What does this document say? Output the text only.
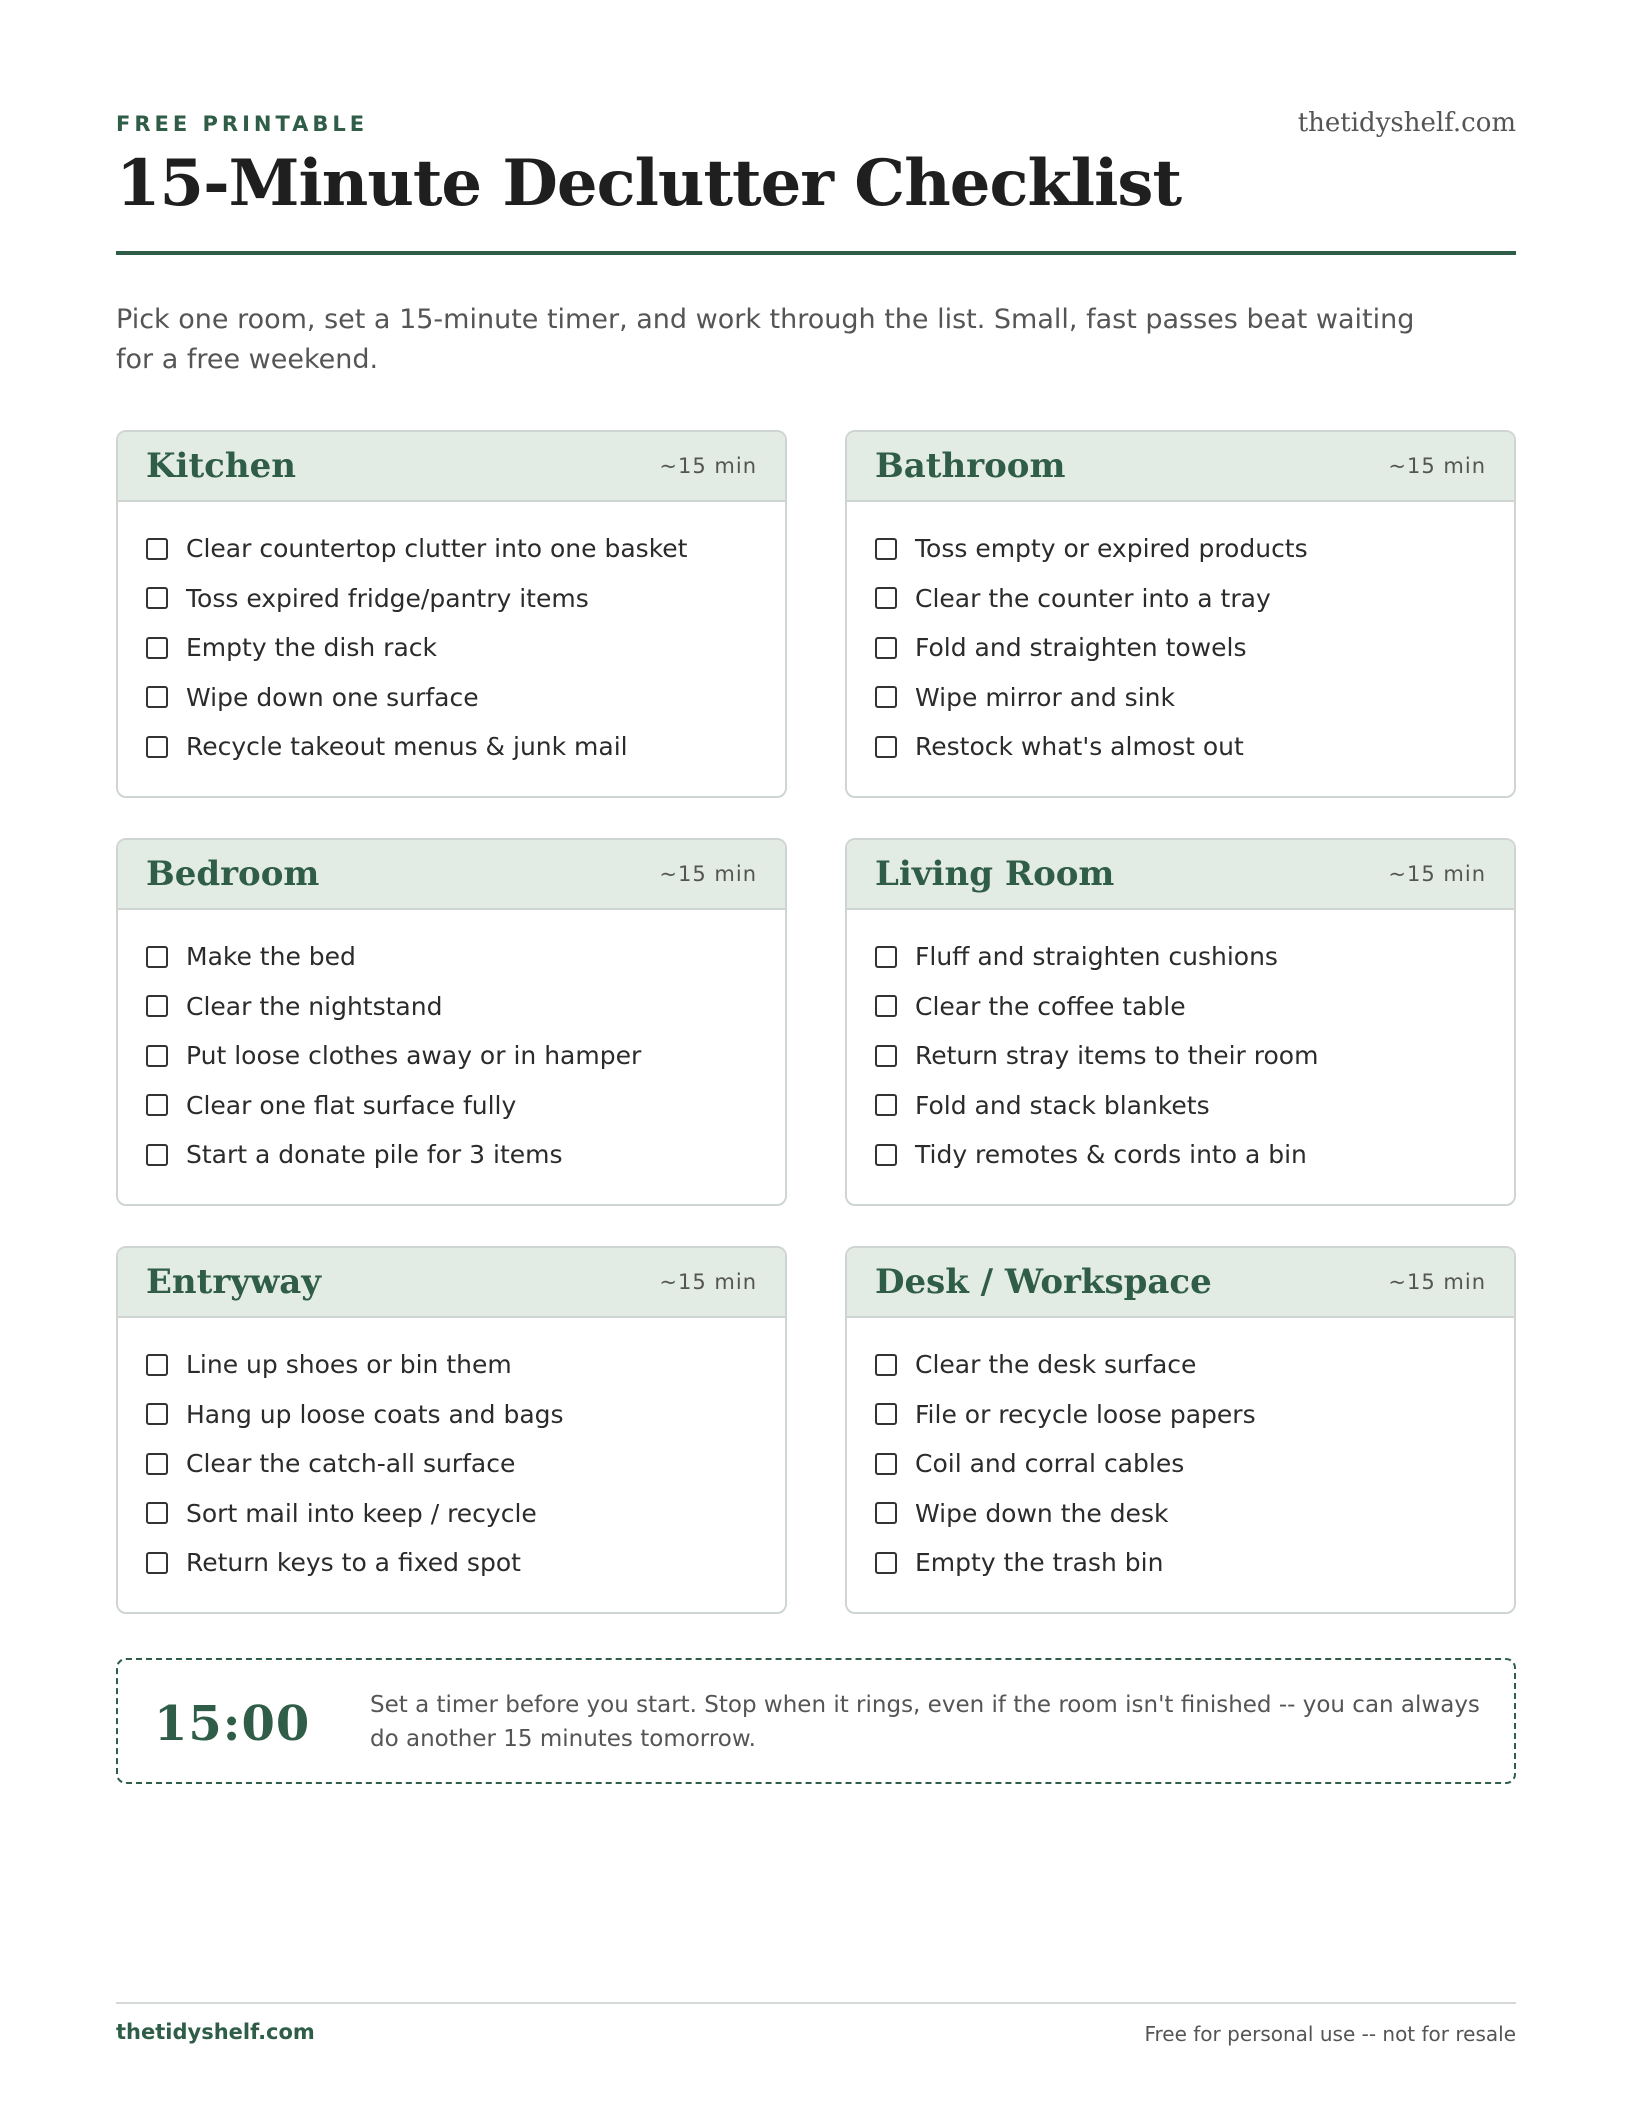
FREE PRINTABLE	thetidyshelf.com
15-Minute Declutter Checklist

Pick one room, set a 15-minute timer, and work through the list. Small, fast passes beat waiting for a free weekend.

Kitchen	~15 min
Clear countertop clutter into one basket
Toss expired fridge/pantry items
Empty the dish rack
Wipe down one surface
Recycle takeout menus & junk mail
Bathroom	~15 min
Toss empty or expired products
Clear the counter into a tray
Fold and straighten towels
Wipe mirror and sink
Restock what's almost out
Bedroom	~15 min
Make the bed
Clear the nightstand
Put loose clothes away or in hamper
Clear one flat surface fully
Start a donate pile for 3 items
Living Room	~15 min
Fluff and straighten cushions
Clear the coffee table
Return stray items to their room
Fold and stack blankets
Tidy remotes & cords into a bin
Entryway	~15 min
Line up shoes or bin them
Hang up loose coats and bags
Clear the catch-all surface
Sort mail into keep / recycle
Return keys to a fixed spot
Desk / Workspace	~15 min
Clear the desk surface
File or recycle loose papers
Coil and corral cables
Wipe down the desk
Empty the trash bin
15:00	Set a timer before you start. Stop when it rings, even if the room isn't finished -- you can always do another 15 minutes tomorrow.
thetidyshelf.com	Free for personal use -- not for resale
